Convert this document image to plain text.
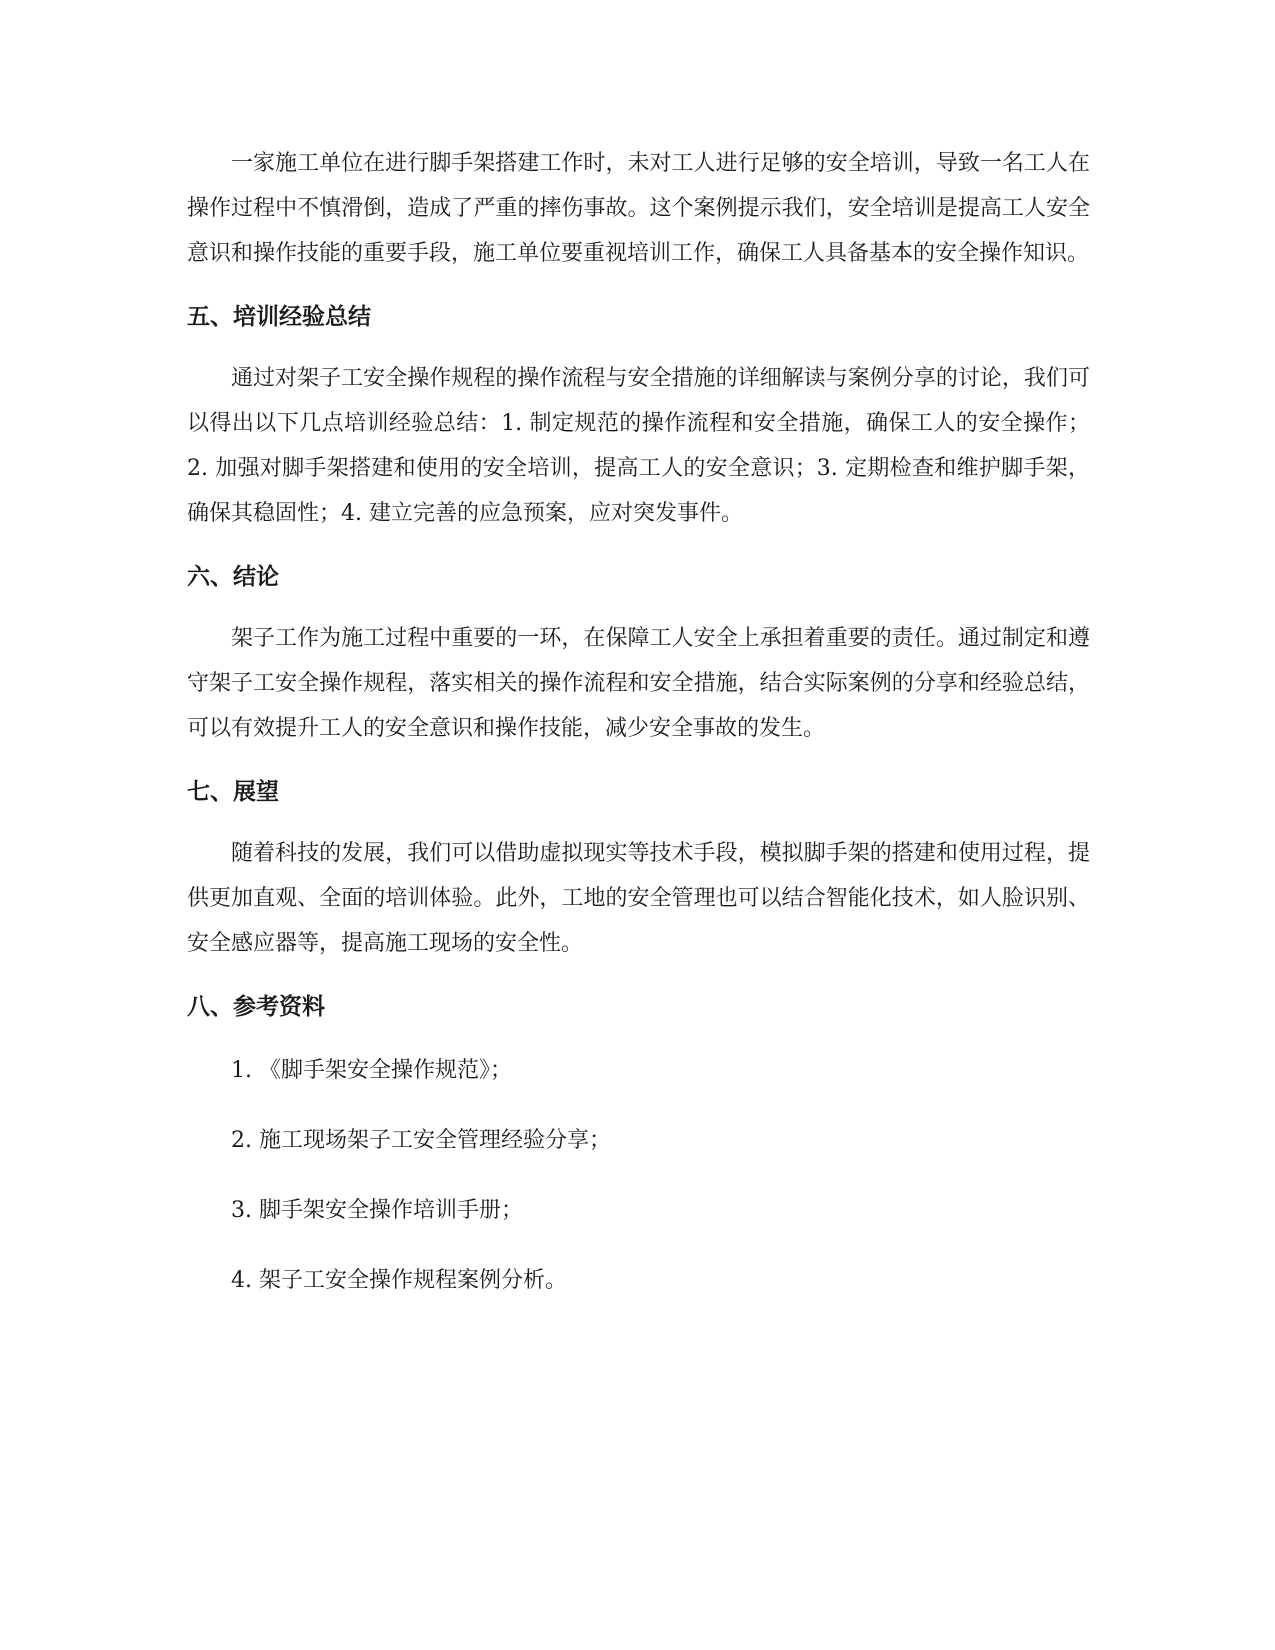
一家施工单位在进行脚手架搭建工作时，未对工人进行足够的安全培训，导致一名工人在操作过程中不慎滑倒，造成了严重的摔伤事故。这个案例提示我们，安全培训是提高工人安全意识和操作技能的重要手段，施工单位要重视培训工作，确保工人具备基本的安全操作知识。

五、培训经验总结

通过对架子工安全操作规程的操作流程与安全措施的详细解读与案例分享的讨论，我们可以得出以下几点培训经验总结：1. 制定规范的操作流程和安全措施，确保工人的安全操作；2. 加强对脚手架搭建和使用的安全培训，提高工人的安全意识；3. 定期检查和维护脚手架，确保其稳固性；4. 建立完善的应急预案，应对突发事件。

六、结论

架子工作为施工过程中重要的一环，在保障工人安全上承担着重要的责任。通过制定和遵守架子工安全操作规程，落实相关的操作流程和安全措施，结合实际案例的分享和经验总结，可以有效提升工人的安全意识和操作技能，减少安全事故的发生。

七、展望

随着科技的发展，我们可以借助虚拟现实等技术手段，模拟脚手架的搭建和使用过程，提供更加直观、全面的培训体验。此外，工地的安全管理也可以结合智能化技术，如人脸识别、安全感应器等，提高施工现场的安全性。

八、参考资料
1. 《脚手架安全操作规范》；
2. 施工现场架子工安全管理经验分享；
3. 脚手架安全操作培训手册；
4. 架子工安全操作规程案例分析。
